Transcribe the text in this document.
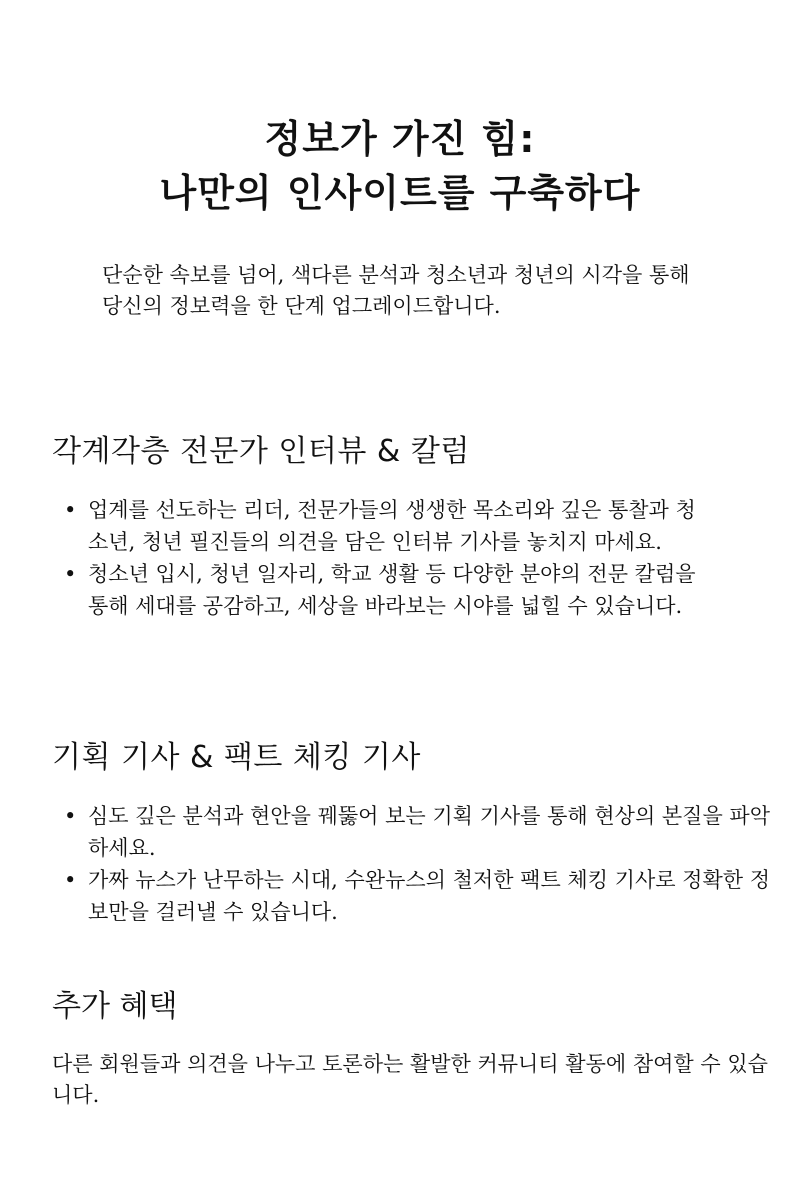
정보가 가진 힘:
나만의 인사이트를 구축하다

단순한 속보를 넘어, 색다른 분석과 청소년과 청년의 시각을 통해 당신의 정보력을 한 단계 업그레이드합니다.

각계각층 전문가 인터뷰 & 칼럼
• 업계를 선도하는 리더, 전문가들의 생생한 목소리와 깊은 통찰과 청소년, 청년 필진들의 의견을 담은 인터뷰 기사를 놓치지 마세요.
• 청소년 입시, 청년 일자리, 학교 생활 등 다양한 분야의 전문 칼럼을 통해 세대를 공감하고, 세상을 바라보는 시야를 넓힐 수 있습니다.
기획 기사 & 팩트 체킹 기사
• 심도 깊은 분석과 현안을 꿰뚫어 보는 기획 기사를 통해 현상의 본질을 파악하세요.
• 가짜 뉴스가 난무하는 시대, 수완뉴스의 철저한 팩트 체킹 기사로 정확한 정보만을 걸러낼 수 있습니다.
추가 혜택

다른 회원들과 의견을 나누고 토론하는 활발한 커뮤니티 활동에 참여할 수 있습니다.
